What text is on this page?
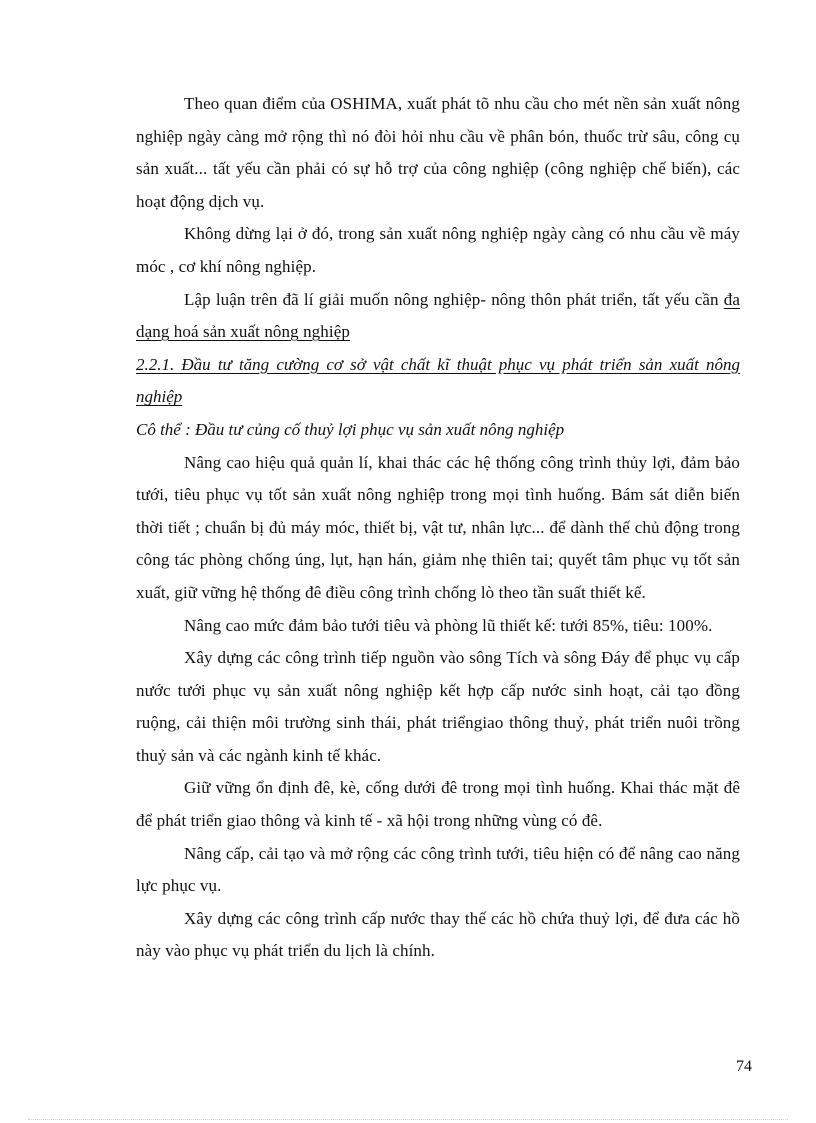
Theo quan điểm của OSHIMA, xuất phát tõ nhu cầu cho mét nền sản xuất nông nghiệp ngày càng mở rộng thì nó đòi hỏi nhu cầu về phân bón, thuốc trừ sâu, công cụ sản xuất... tất yếu cần phải có sự hỗ trợ của công nghiệp (công nghiệp chế biến), các hoạt động dịch vụ.

Không dừng lại ở đó, trong sản xuất nông nghiệp ngày càng có nhu cầu về máy móc , cơ khí nông nghiệp.

Lập luận trên đã lí giải muốn nông nghiệp- nông thôn phát triển, tất yếu cần đa dạng hoá sản xuất nông nghiệp

2.2.1. Đầu tư tăng cường cơ sở vật chất kĩ thuật phục vụ phát triển sản xuất nông nghiệp

Cô thể : Đầu tư củng cố thuỷ lợi phục vụ sản xuất nông nghiệp

Nâng cao hiệu quả quản lí, khai thác các hệ thống công trình thủy lợi, đảm bảo tưới, tiêu phục vụ tốt sản xuất nông nghiệp trong mọi tình huống. Bám sát diễn biến thời tiết ; chuẩn bị đủ máy móc, thiết bị, vật tư, nhân lực... để dành thế chủ động trong công tác phòng chống úng, lụt, hạn hán, giảm nhẹ thiên tai; quyết tâm phục vụ tốt sản xuất, giữ vững hệ thống đê điều công trình chống lò theo tần suất thiết kế.

Nâng cao mức đảm bảo tưới tiêu và phòng lũ thiết kế: tưới 85%, tiêu: 100%.

Xây dựng các công trình tiếp nguồn vào sông Tích và sông Đáy để phục vụ cấp nước tưới phục vụ sản xuất nông nghiệp kết hợp cấp nước sinh hoạt, cải tạo đồng ruộng, cải thiện môi trường sinh thái, phát triểngiao thông thuỷ, phát triển nuôi trồng thuỷ sản và các ngành kinh tế khác.

Giữ vững ổn định đê, kè, cống dưới đê trong mọi tình huống. Khai thác mặt đê để phát triển giao thông và kinh tế - xã hội trong những vùng có đê.

Nâng cấp, cải tạo và mở rộng các công trình tưới, tiêu hiện có để nâng cao năng lực phục vụ.

Xây dựng các công trình cấp nước thay thế các hồ chứa thuỷ lợi, để đưa các hồ này vào phục vụ phát triển du lịch là chính.

74
